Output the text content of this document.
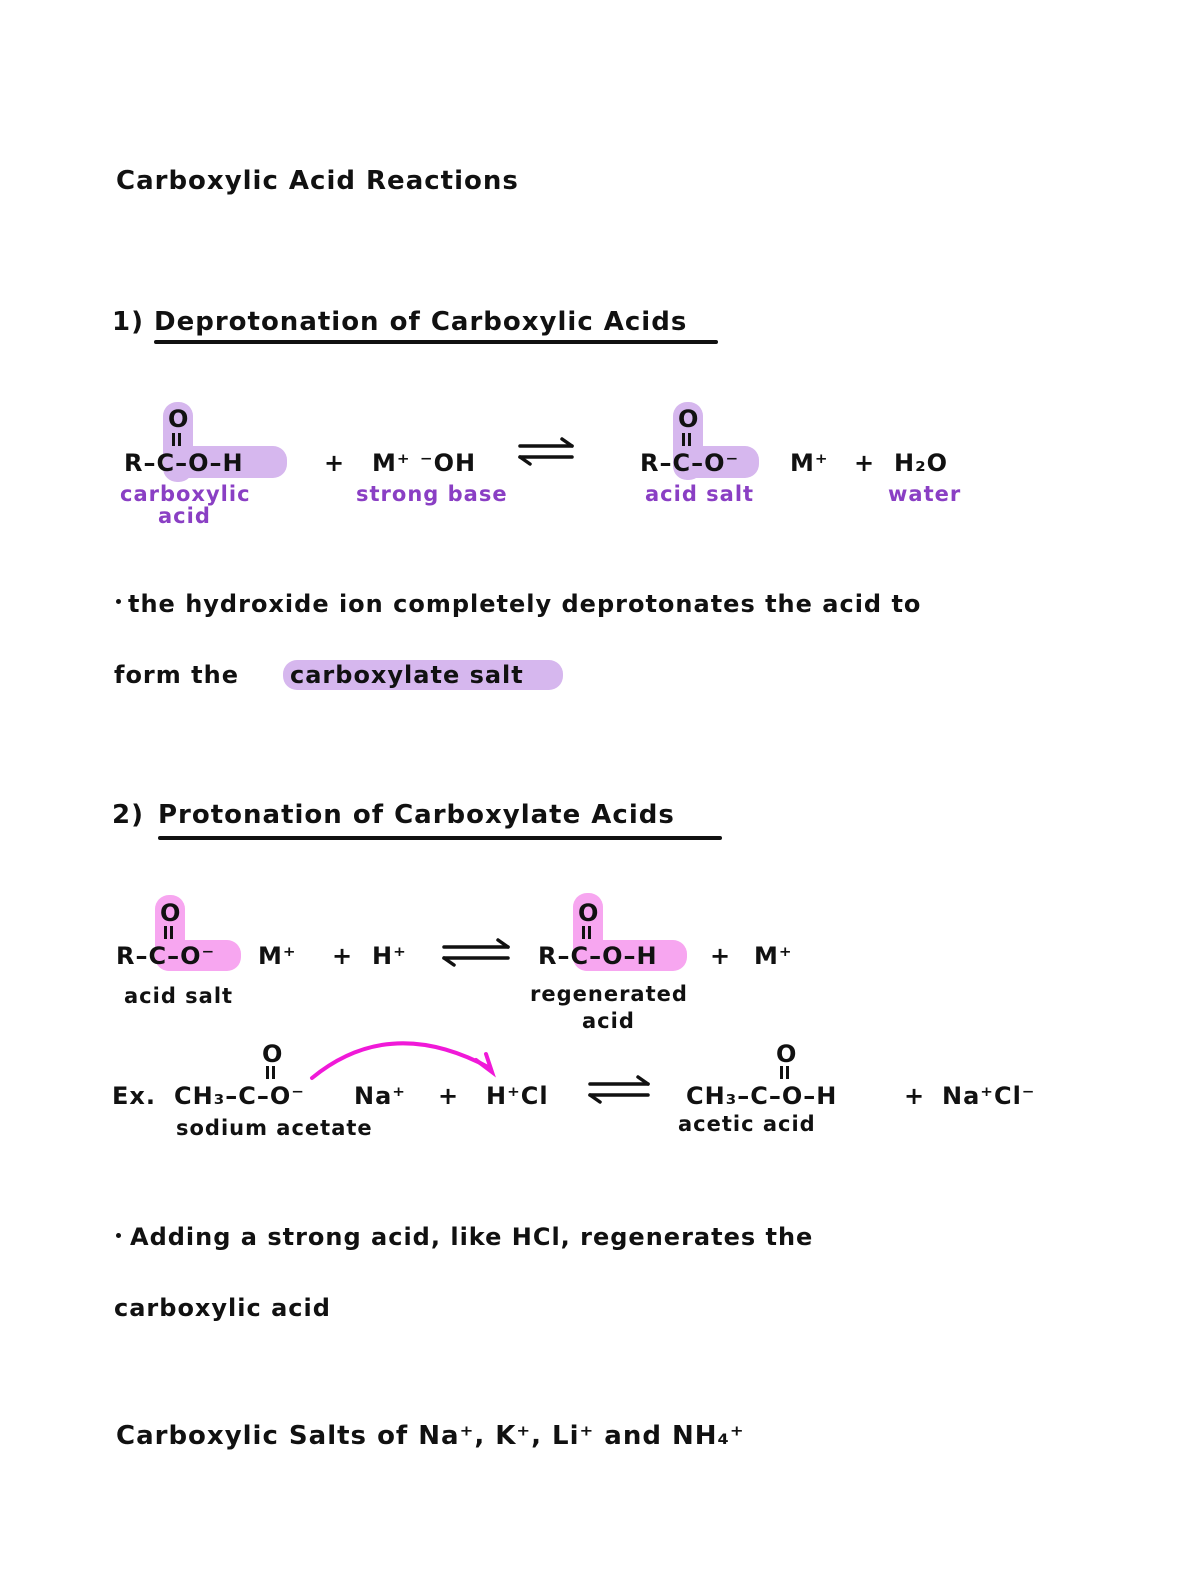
Carboxylic Acid Reactions
1) Deprotonation of Carboxylic Acids
O
R–C–O–H	+ M⁺ ⁻OH
O
R–C–O⁻ M⁺ + H₂O
carboxylic
acid
strong base	acid salt	water
the hydroxide ion completely deprotonates the acid to
form the carboxylate salt
2) Protonation of Carboxylate Acids
O
R–C–O⁻ M⁺ + H⁺
O
R–C–O–H + M⁺
acid salt	regenerated
acid
O
Ex. CH₃–C–O⁻ Na⁺ + H⁺Cl
O
CH₃–C–O–H	+ Na⁺Cl⁻
sodium acetate	acetic acid
Adding a strong acid, like HCl, regenerates the
carboxylic acid
Carboxylic Salts of Na⁺, K⁺, Li⁺ and NH₄⁺
